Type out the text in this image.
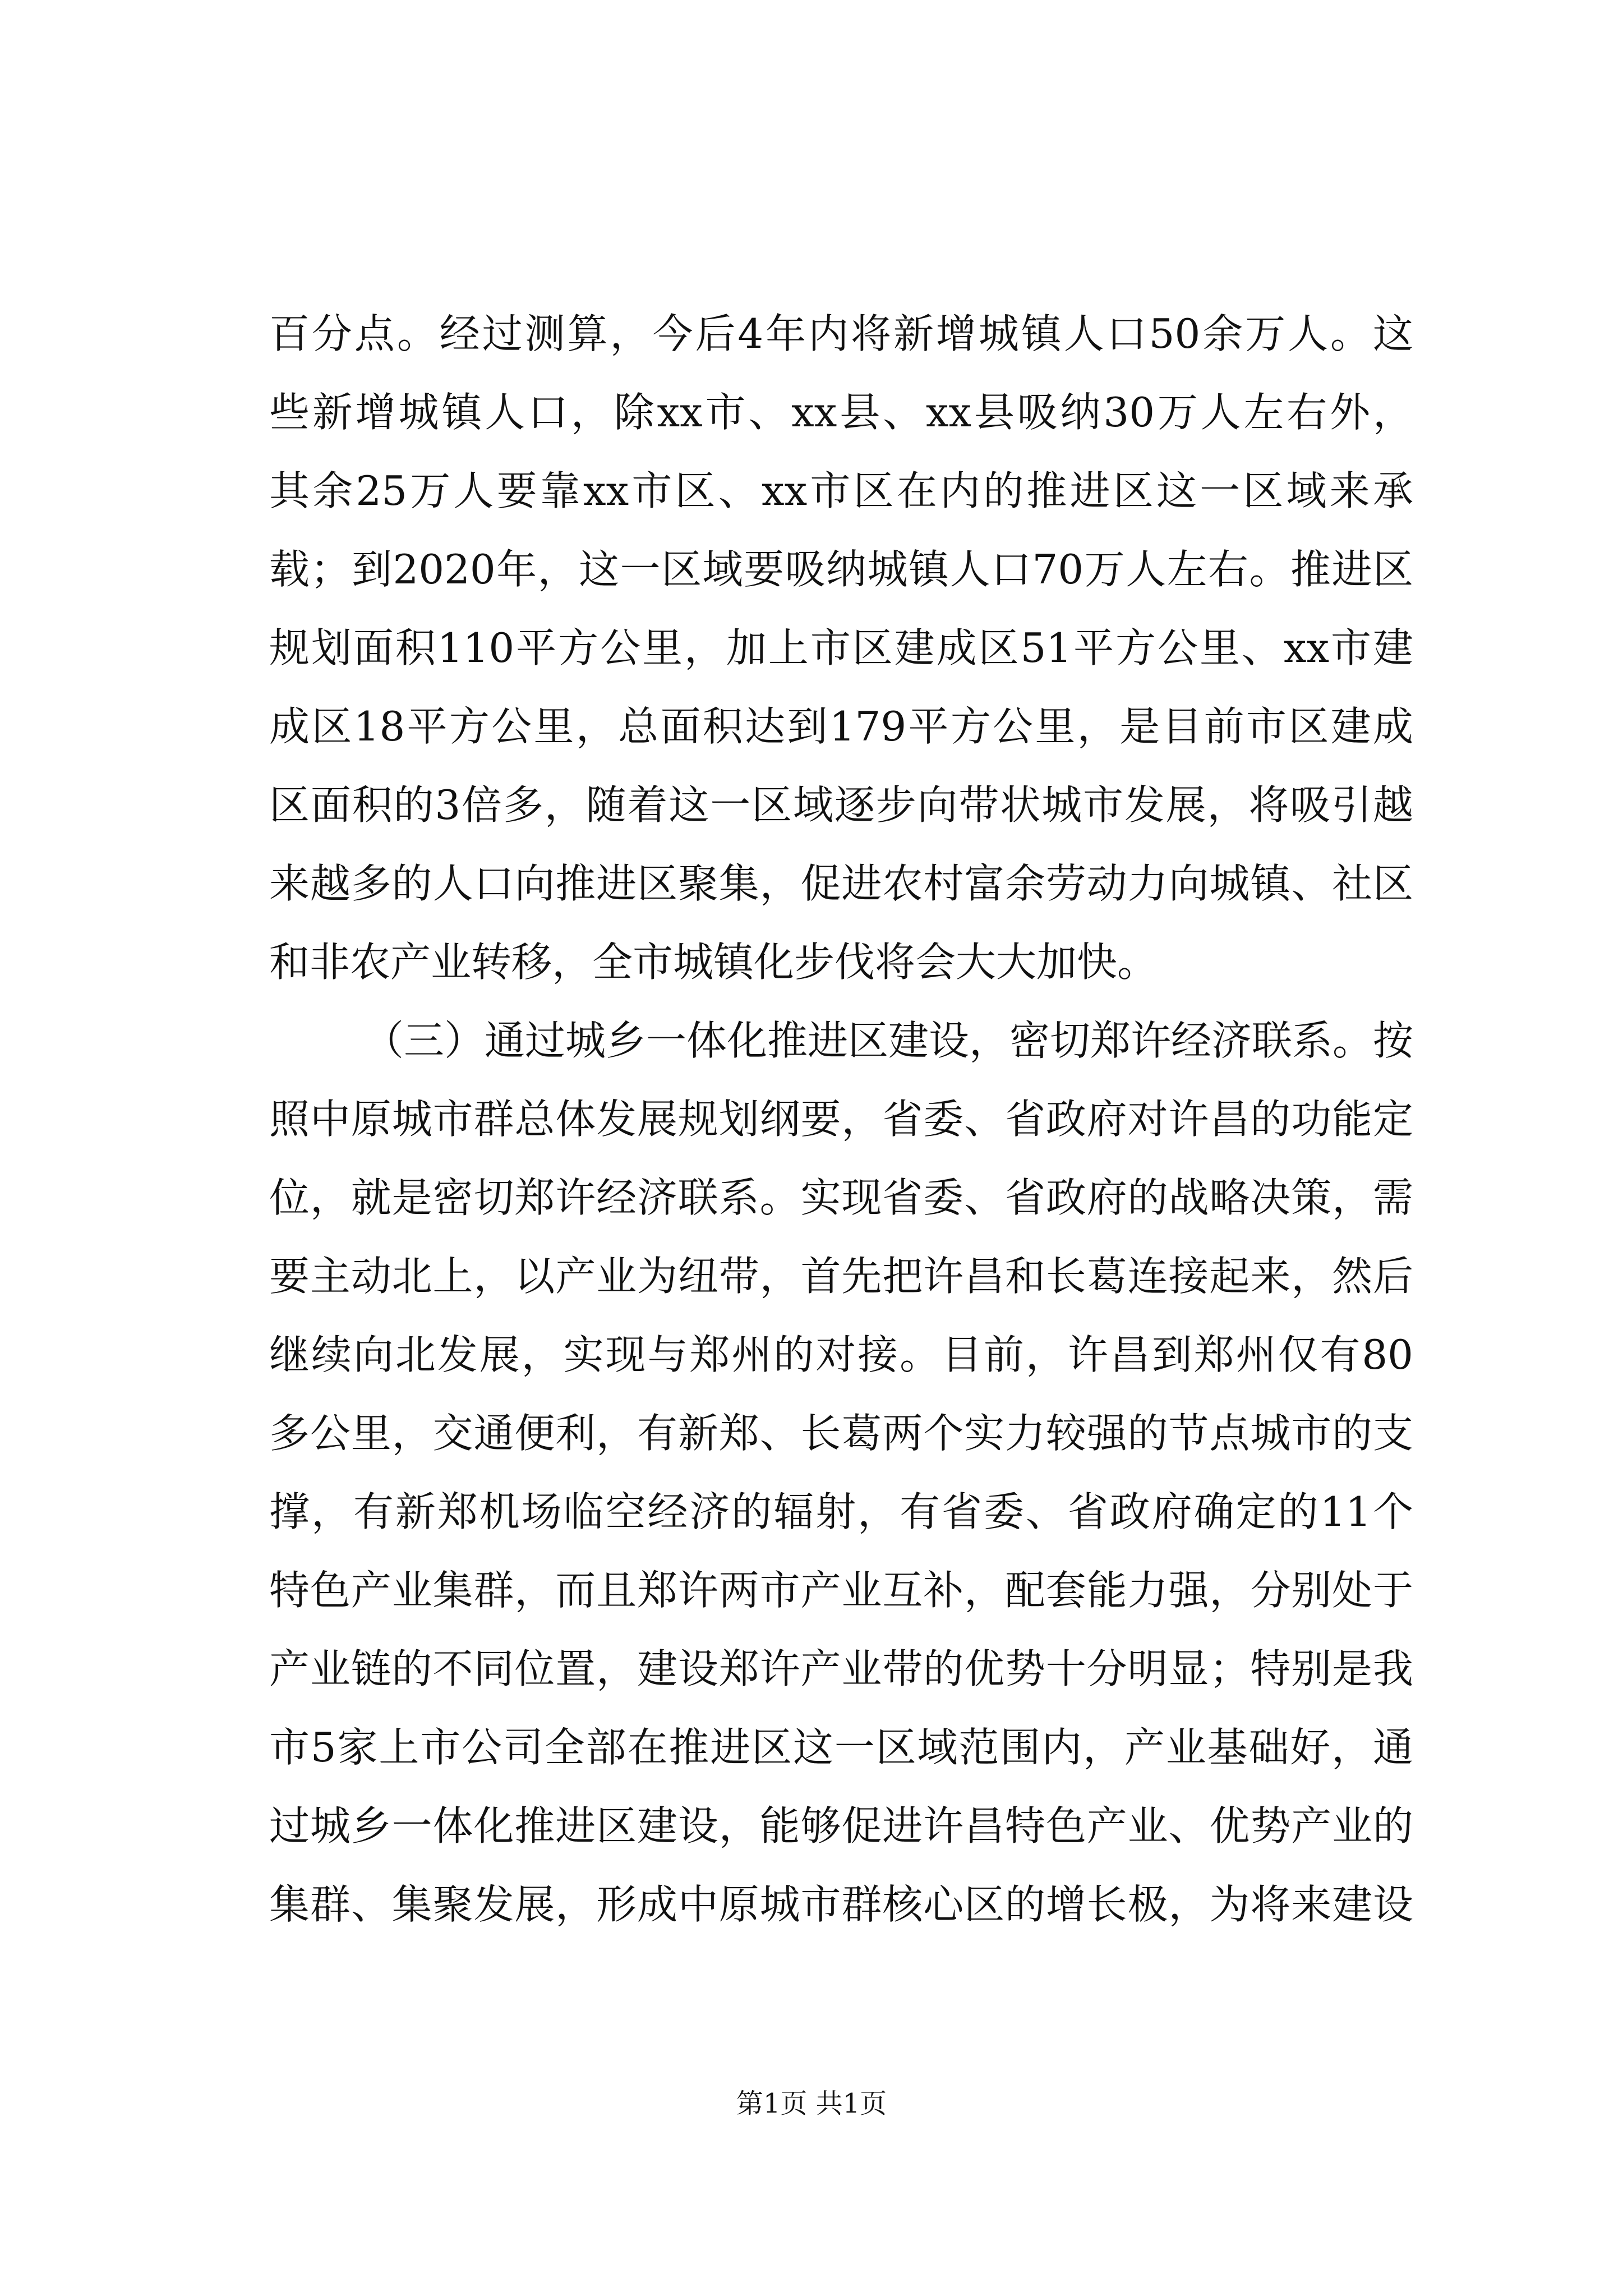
百分点。经过测算，今后4年内将新增城镇人口50余万人。这
些新增城镇人口，除xx市、xx县、xx县吸纳30万人左右外，
其余25万人要靠xx市区、xx市区在内的推进区这一区域来承
载；到2020年，这一区域要吸纳城镇人口70万人左右。推进区
规划面积110平方公里，加上市区建成区51平方公里、xx市建
成区18平方公里，总面积达到179平方公里，是目前市区建成
区面积的3倍多，随着这一区域逐步向带状城市发展，将吸引越
来越多的人口向推进区聚集，促进农村富余劳动力向城镇、社区
和非农产业转移，全市城镇化步伐将会大大加快。
（三）通过城乡一体化推进区建设，密切郑许经济联系。按
照中原城市群总体发展规划纲要，省委、省政府对许昌的功能定
位，就是密切郑许经济联系。实现省委、省政府的战略决策，需
要主动北上，以产业为纽带，首先把许昌和长葛连接起来，然后
继续向北发展，实现与郑州的对接。目前，许昌到郑州仅有80
多公里，交通便利，有新郑、长葛两个实力较强的节点城市的支
撑，有新郑机场临空经济的辐射，有省委、省政府确定的11个
特色产业集群，而且郑许两市产业互补，配套能力强，分别处于
产业链的不同位置，建设郑许产业带的优势十分明显；特别是我
市5家上市公司全部在推进区这一区域范围内，产业基础好，通
过城乡一体化推进区建设，能够促进许昌特色产业、优势产业的
集群、集聚发展，形成中原城市群核心区的增长极，为将来建设
第1页 共1页
